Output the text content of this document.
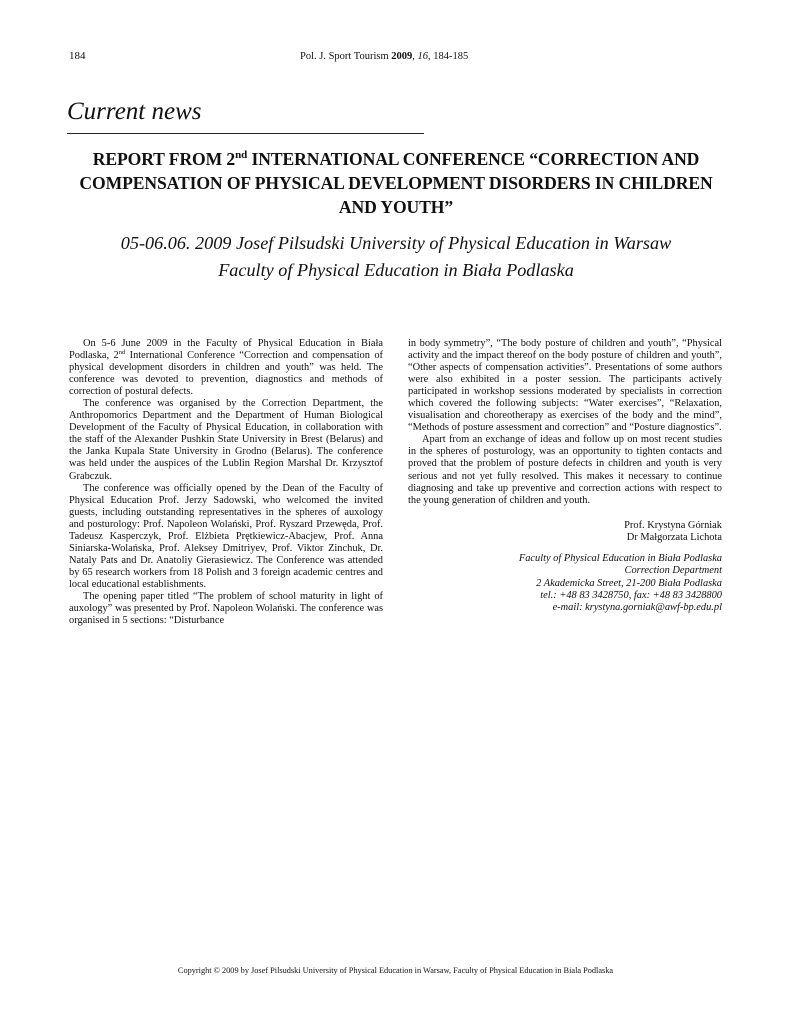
184	Pol. J. Sport Tourism 2009, 16, 184-185
Current news
REPORT FROM 2nd INTERNATIONAL CONFERENCE “CORRECTION AND COMPENSATION OF PHYSICAL DEVELOPMENT DISORDERS IN CHILDREN AND YOUTH”
05-06.06. 2009 Josef Pilsudski University of Physical Education in Warsaw
Faculty of Physical Education in Biała Podlaska

On 5-6 June 2009 in the Faculty of Physical Education in Biała Podlaska, 2nd International Conference “Correction and compensation of physical development disorders in children and youth” was held. The conference was devoted to prevention, diagnostics and methods of correction of postural defects.

The conference was organised by the Correction Department, the Anthropomorics Department and the Department of Human Biological Development of the Faculty of Physical Education, in collaboration with the staff of the Alexander Pushkin State University in Brest (Belarus) and the Janka Kupala State University in Grodno (Belarus). The conference was held under the auspices of the Lublin Region Marshal Dr. Krzysztof Grabczuk.

The conference was officially opened by the Dean of the Faculty of Physical Education Prof. Jerzy Sadowski, who welcomed the invited guests, including outstanding representatives in the spheres of auxology and posturology: Prof. Napoleon Wolański, Prof. Ryszard Przewęda, Prof. Tadeusz Kasperczyk, Prof. Elżbieta Prętkiewicz-Abacjew, Prof. Anna Siniarska-Wolańska, Prof. Aleksey Dmitriyev, Prof. Viktor Zinchuk, Dr. Nataly Pats and Dr. Anatoliy Gierasiewicz. The Conference was attended by 65 research workers from 18 Polish and 3 foreign academic centres and local educational establishments.

The opening paper titled “The problem of school maturity in light of auxology” was presented by Prof. Napoleon Wolański. The conference was organised in 5 sections: “Disturbance

in body symmetry”, “The body posture of children and youth”, “Physical activity and the impact thereof on the body posture of children and youth”, “Other aspects of compensation activities”. Presentations of some authors were also exhibited in a poster session. The participants actively participated in workshop sessions moderated by specialists in correction which covered the following subjects: “Water exercises”, “Relaxation, visualisation and choreotherapy as exercises of the body and the mind”, “Methods of posture assessment and correction” and “Posture diagnostics”.

Apart from an exchange of ideas and follow up on most recent studies in the spheres of posturology, was an opportunity to tighten contacts and proved that the problem of posture defects in children and youth is very serious and not yet fully resolved. This makes it necessary to continue diagnosing and take up preventive and correction actions with respect to the young generation of children and youth.

Prof. Krystyna Górniak
Dr Małgorzata Lichota
Faculty of Physical Education in Biała Podlaska
Correction Department
2 Akademicka Street, 21-200 Biała Podlaska
tel.: +48 83 3428750, fax: +48 83 3428800
e-mail: krystyna.gorniak@awf-bp.edu.pl
Copyright © 2009 by Josef Pilsudski University of Physical Education in Warsaw, Faculty of Physical Education in Biala Podlaska
